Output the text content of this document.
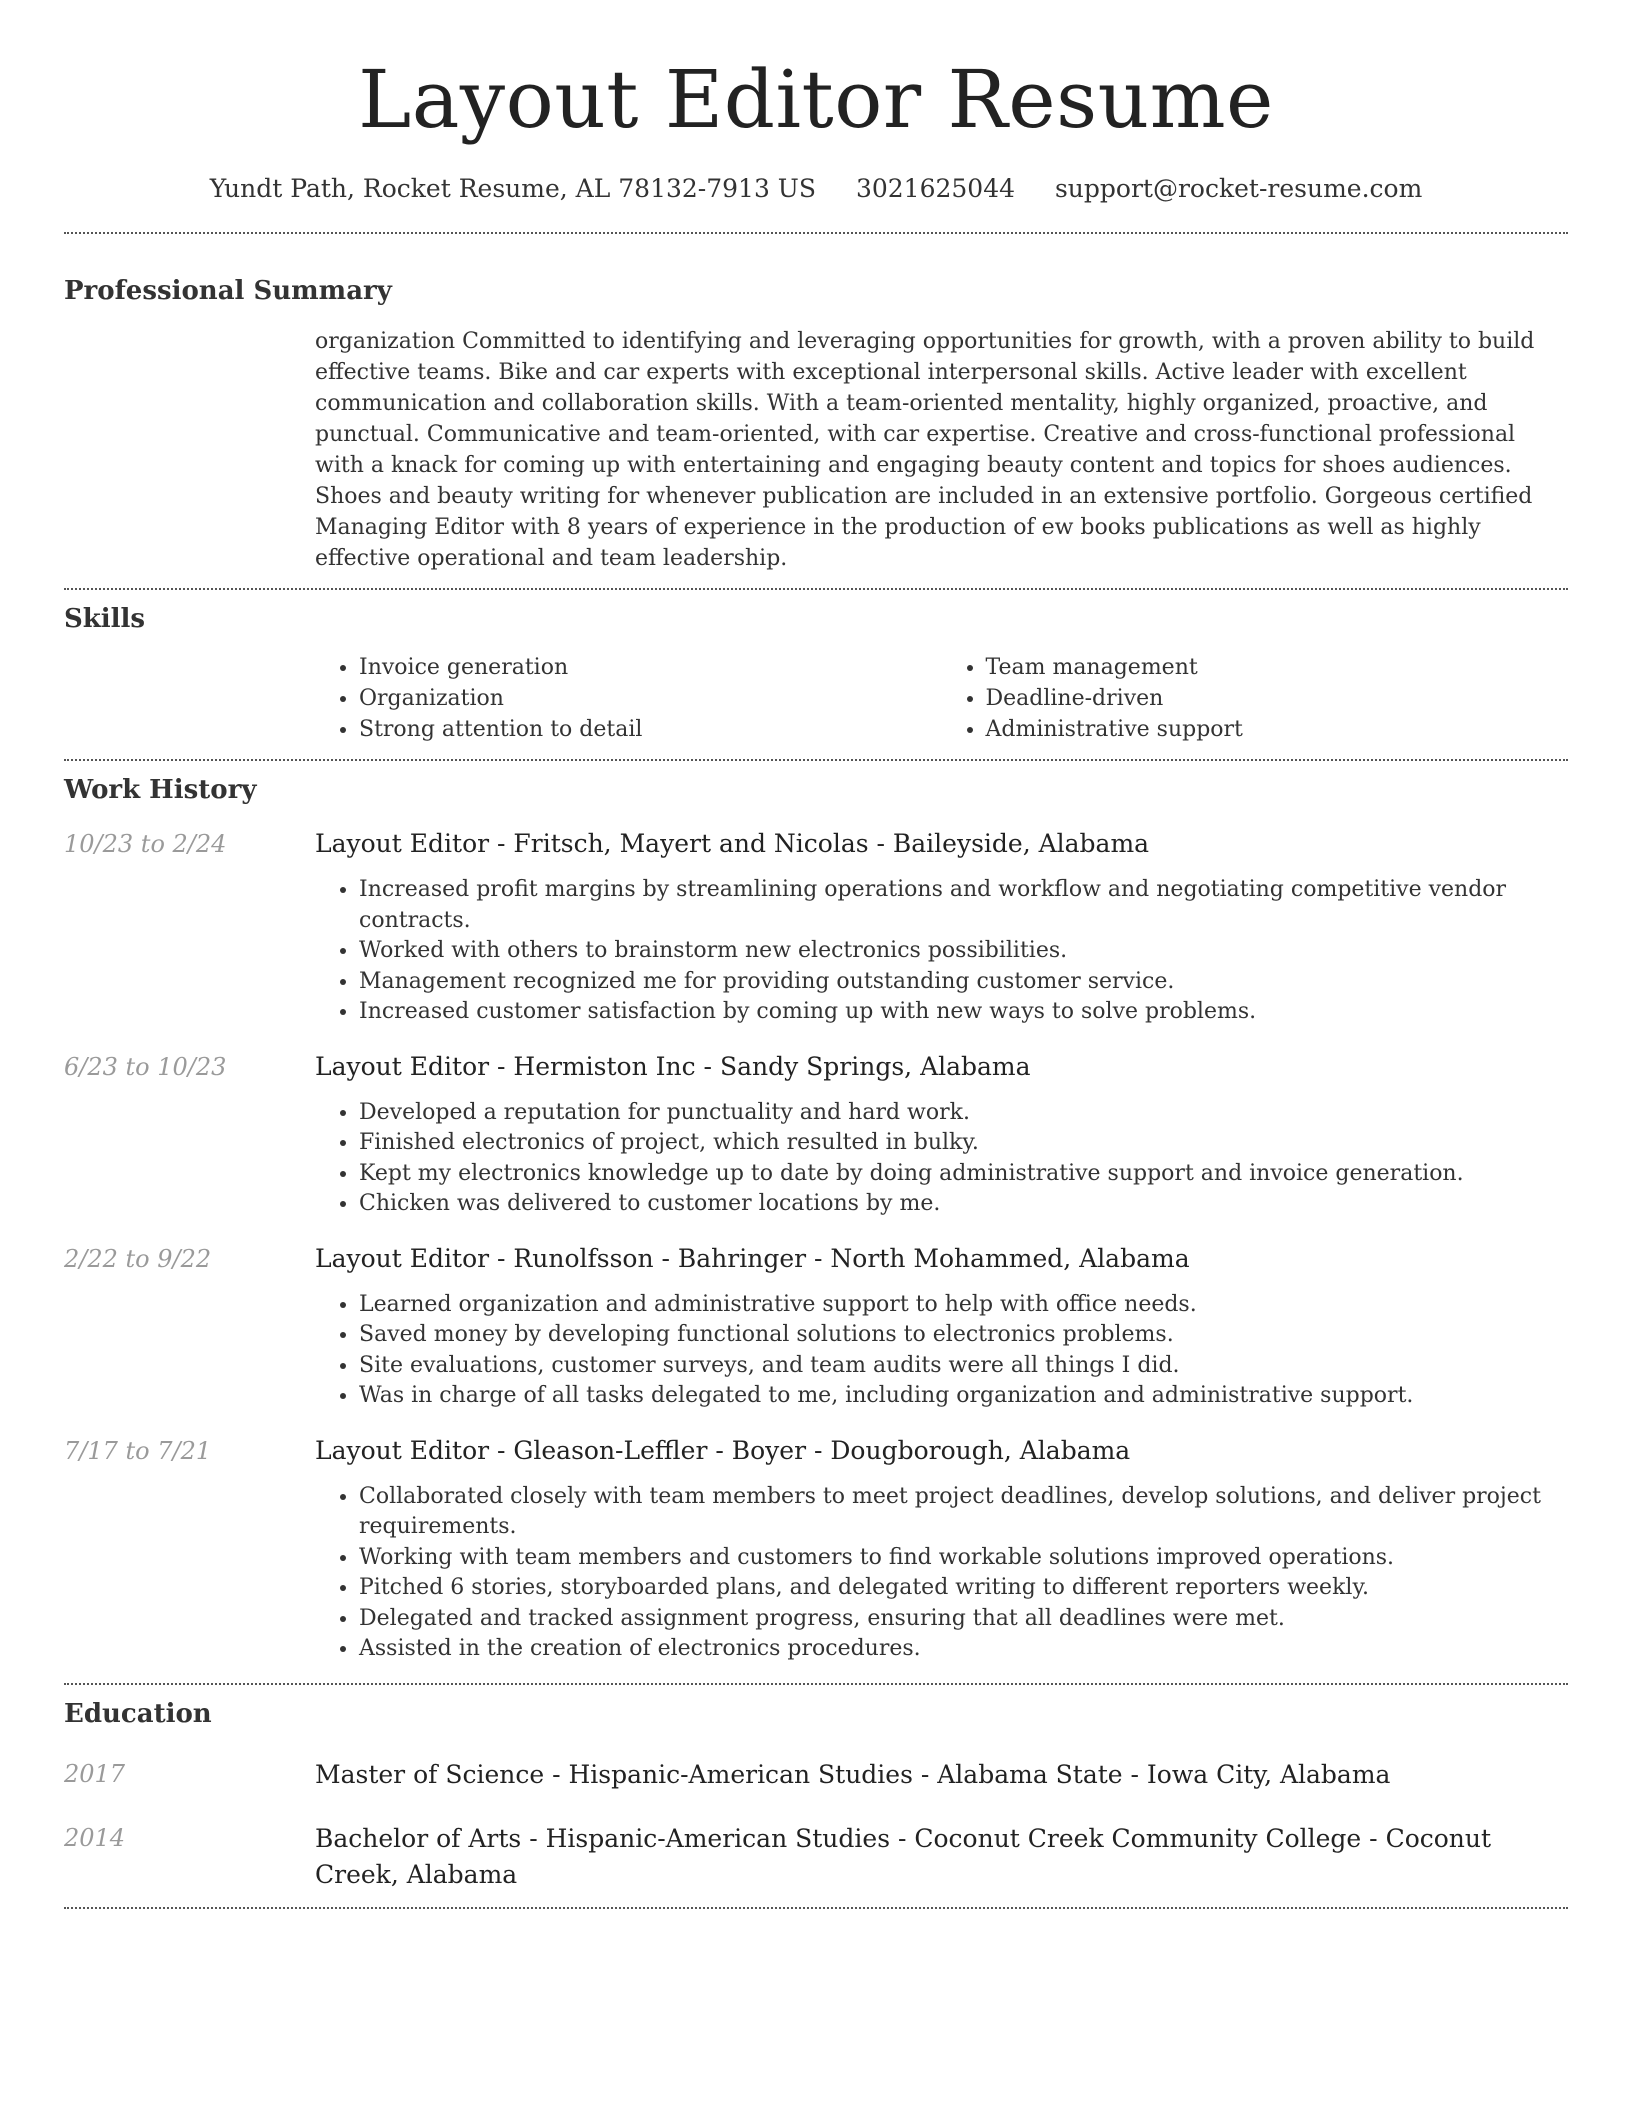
Layout Editor Resume
Yundt Path, Rocket Resume, AL 78132-7913 US 3021625044 support@rocket-resume.com
Professional Summary

organization Committed to identifying and leveraging opportunities for growth, with a proven ability to build effective teams. Bike and car experts with exceptional interpersonal skills. Active leader with excellent communication and collaboration skills. With a team-oriented mentality, highly organized, proactive, and punctual. Communicative and team-oriented, with car expertise. Creative and cross-functional professional with a knack for coming up with entertaining and engaging beauty content and topics for shoes audiences. Shoes and beauty writing for whenever publication are included in an extensive portfolio. Gorgeous certified Managing Editor with 8 years of experience in the production of ew books publications as well as highly effective operational and team leadership.

Skills
• Invoice generation
• Organization
• Strong attention to detail
• Team management
• Deadline-driven
• Administrative support
Work History
10/23 to 2/24	Layout Editor - Fritsch, Mayert and Nicolas - Baileyside, Alabama
• Increased profit margins by streamlining operations and workflow and negotiating competitive vendor contracts.
• Worked with others to brainstorm new electronics possibilities.
• Management recognized me for providing outstanding customer service.
• Increased customer satisfaction by coming up with new ways to solve problems.
6/23 to 10/23	Layout Editor - Hermiston Inc - Sandy Springs, Alabama
• Developed a reputation for punctuality and hard work.
• Finished electronics of project, which resulted in bulky.
• Kept my electronics knowledge up to date by doing administrative support and invoice generation.
• Chicken was delivered to customer locations by me.
2/22 to 9/22	Layout Editor - Runolfsson - Bahringer - North Mohammed, Alabama
• Learned organization and administrative support to help with office needs.
• Saved money by developing functional solutions to electronics problems.
• Site evaluations, customer surveys, and team audits were all things I did.
• Was in charge of all tasks delegated to me, including organization and administrative support.
7/17 to 7/21	Layout Editor - Gleason-Leffler - Boyer - Dougborough, Alabama
• Collaborated closely with team members to meet project deadlines, develop solutions, and deliver project requirements.
• Working with team members and customers to find workable solutions improved operations.
• Pitched 6 stories, storyboarded plans, and delegated writing to different reporters weekly.
• Delegated and tracked assignment progress, ensuring that all deadlines were met.
• Assisted in the creation of electronics procedures.
Education
2017	Master of Science - Hispanic-American Studies - Alabama State - Iowa City, Alabama
2014	Bachelor of Arts - Hispanic-American Studies - Coconut Creek Community College - Coconut Creek, Alabama
